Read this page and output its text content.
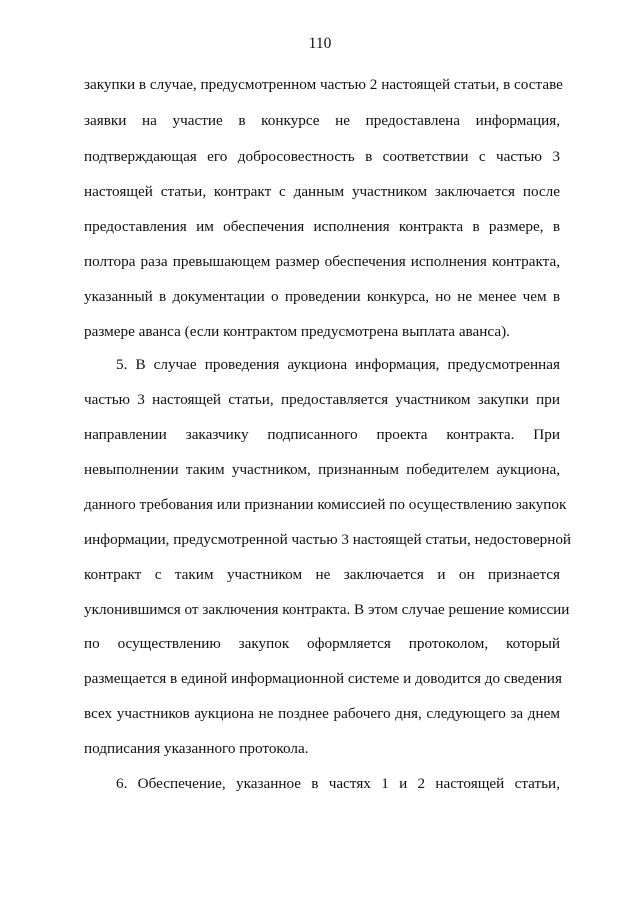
110
закупки в случае, предусмотренном частью 2 настоящей статьи, в составе
заявки на участие в конкурсе не предоставлена информация,
подтверждающая его добросовестность в соответствии с частью 3
настоящей статьи, контракт с данным участником заключается после
предоставления им обеспечения исполнения контракта в размере, в
полтора раза превышающем размер обеспечения исполнения контракта,
указанный в документации о проведении конкурса, но не менее чем в
размере аванса (если контрактом предусмотрена выплата аванса).
5. В случае проведения аукциона информация, предусмотренная
частью 3 настоящей статьи, предоставляется участником закупки при
направлении заказчику подписанного проекта контракта. При
невыполнении таким участником, признанным победителем аукциона,
данного требования или признании комиссией по осуществлению закупок
информации, предусмотренной частью 3 настоящей статьи, недостоверной
контракт с таким участником не заключается и он признается
уклонившимся от заключения контракта. В этом случае решение комиссии
по осуществлению закупок оформляется протоколом, который
размещается в единой информационной системе и доводится до сведения
всех участников аукциона не позднее рабочего дня, следующего за днем
подписания указанного протокола.
6. Обеспечение, указанное в частях 1 и 2 настоящей статьи,
